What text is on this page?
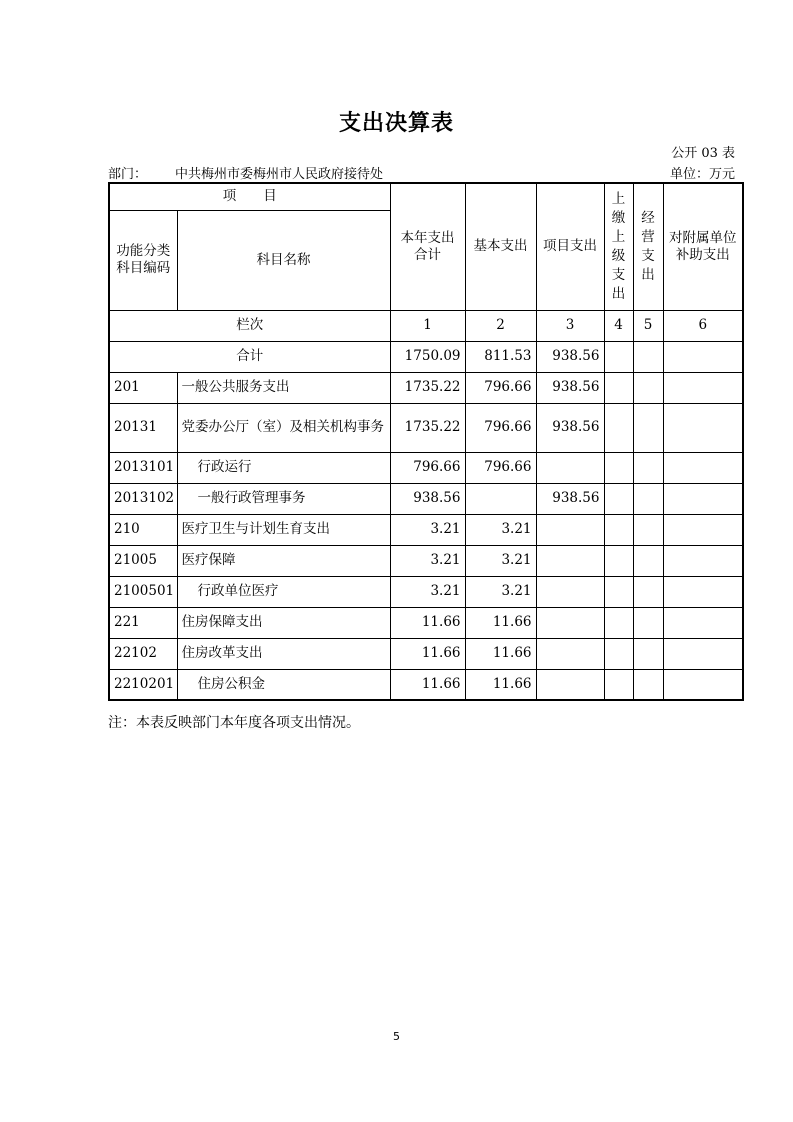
支出决算表
公开 03 表
部门： 中共梅州市委梅州市人民政府接待处	单位：万元
项　　目		本年支出合计	基本支出	项目支出	上缴上级支出	经营支出	对附属单位补助支出
功能分类科目编码	科目名称						
栏次		1	2	3	4	5	6
合计		1750.09	811.53	938.56			
201	一般公共服务支出	1735.22	796.66	938.56			
20131	党委办公厅（室）及相关机构事务	1735.22	796.66	938.56			
2013101	行政运行	796.66	796.66				
2013102	一般行政管理事务	938.56		938.56			
210	医疗卫生与计划生育支出	3.21	3.21				
21005	医疗保障	3.21	3.21				
2100501	行政单位医疗	3.21	3.21				
221	住房保障支出	11.66	11.66				
22102	住房改革支出	11.66	11.66				
2210201	住房公积金	11.66	11.66				
注：本表反映部门本年度各项支出情况。
5
